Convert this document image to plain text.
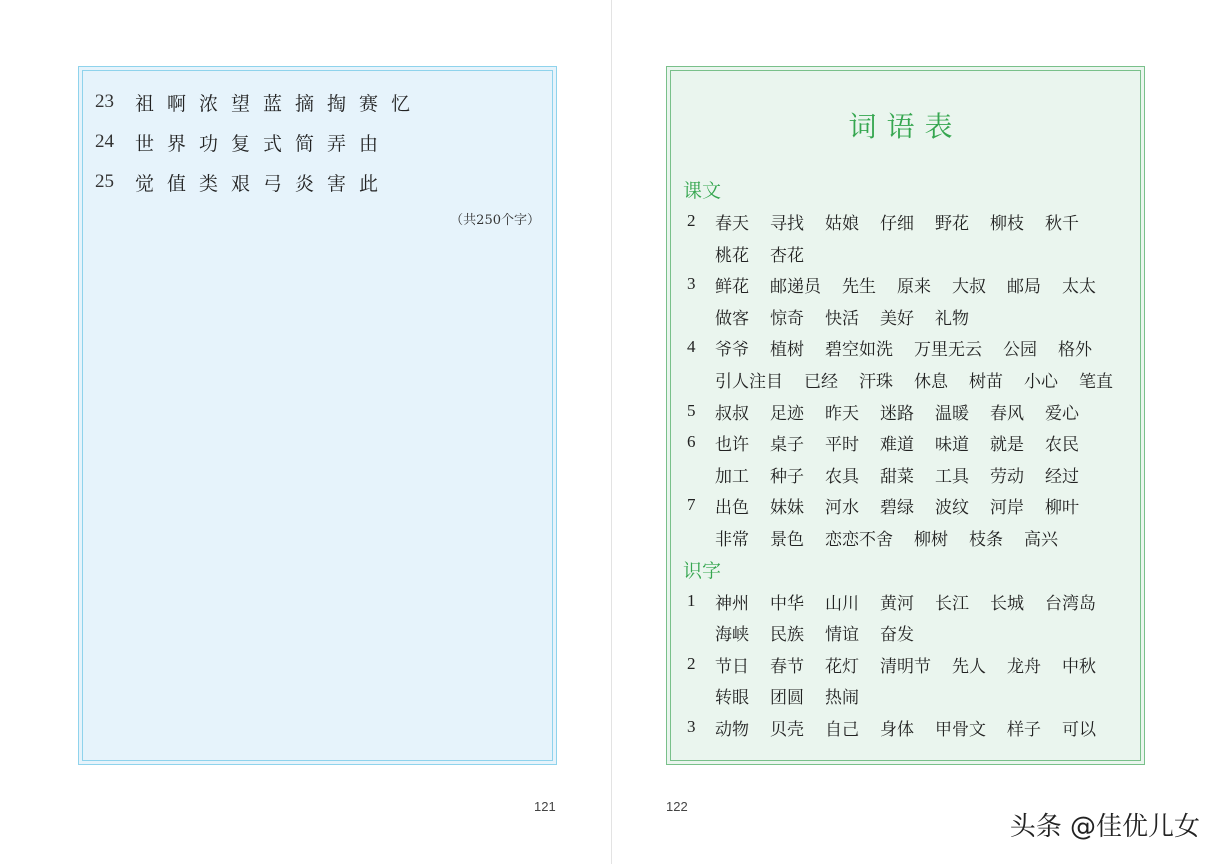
23	祖 啊 浓 望 蓝 摘 掏 赛 忆
24	世 界 功 复 式 简 弄 由
25	觉 值 类 艰 弓 炎 害 此
（共250个字）
121
词语表
课文
2	春天 寻找 姑娘 仔细 野花 柳枝 秋千
桃花 杏花
3	鲜花 邮递员 先生 原来 大叔 邮局 太太
做客 惊奇 快活 美好 礼物
4	爷爷 植树 碧空如洗 万里无云 公园 格外
引人注目 已经 汗珠 休息 树苗 小心 笔直
5	叔叔 足迹 昨天 迷路 温暖 春风 爱心
6	也许 桌子 平时 难道 味道 就是 农民
加工 种子 农具 甜菜 工具 劳动 经过
7	出色 妹妹 河水 碧绿 波纹 河岸 柳叶
非常 景色 恋恋不舍 柳树 枝条 高兴
识字
1	神州 中华 山川 黄河 长江 长城 台湾岛
海峡 民族 情谊 奋发
2	节日 春节 花灯 清明节 先人 龙舟 中秋
转眼 团圆 热闹
3	动物 贝壳 自己 身体 甲骨文 样子 可以
122
头条 @佳优儿女
